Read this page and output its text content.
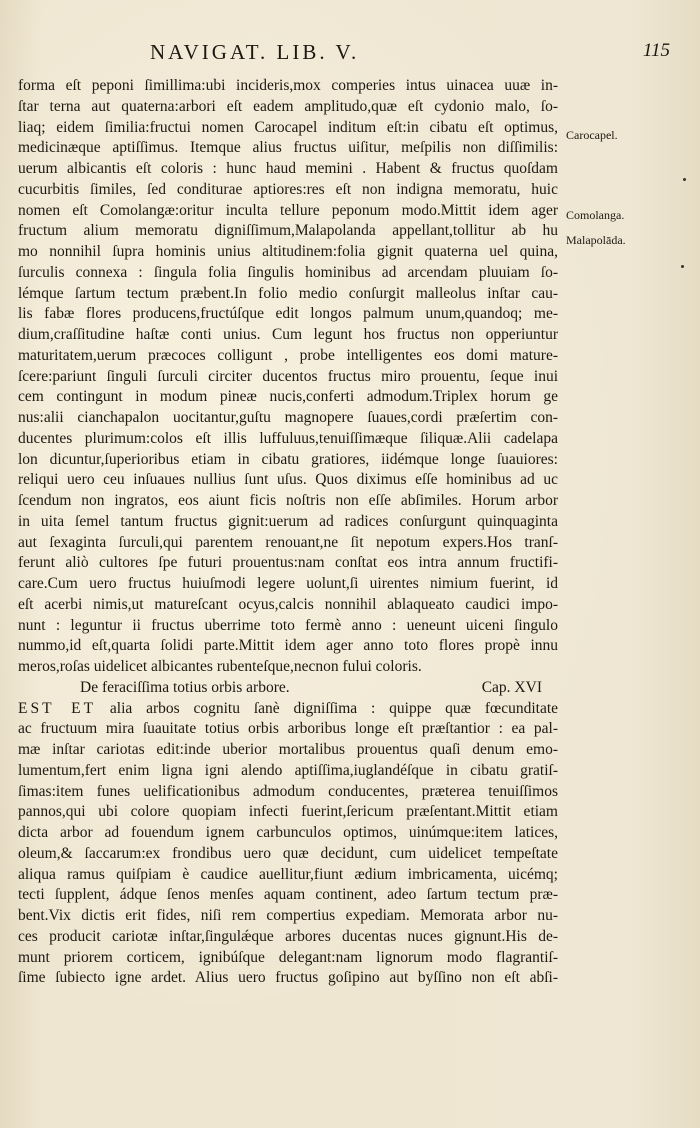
NAVIGAT. LIB. V.	115
forma eſt peponi ſimillima:ubi incideris,mox comperies intus uinacea uuæ in-
ſtar terna aut quaterna:arbori eſt eadem amplitudo,quæ eſt cydonio malo, ſo-
liaq; eidem ſimilia:fructui nomen Carocapel inditum eſt:in cibatu eſt optimus,
medicinæque aptiſſimus. Itemque alius fructus uiſitur, meſpilis non diſſimilis:
uerum albicantis eſt coloris : hunc haud memini . Habent & fructus quoſdam
cucurbitis ſimiles, ſed conditurae aptiores:res eſt non indigna memoratu, huic
nomen eſt Comolangæ:oritur inculta tellure peponum modo.Mittit idem ager
fructum alium memoratu digniſſimum,Malapolanda appellant,tollitur ab hu
mo nonnihil ſupra hominis unius altitudinem:folia gignit quaterna uel quina,
ſurculis connexa : ſingula folia ſingulis hominibus ad arcendam pluuiam ſo-
lémque ſartum tectum præbent.In folio medio conſurgit malleolus inſtar cau-
lis fabæ flores producens,fructúſque edit longos palmum unum,quandoq; me-
dium,craſſitudine haſtæ conti unius. Cum legunt hos fructus non opperiuntur
maturitatem,uerum præcoces colligunt , probe intelligentes eos domi mature-
ſcere:pariunt ſinguli ſurculi circiter ducentos fructus miro prouentu, ſeque inui
cem contingunt in modum pineæ nucis,conferti admodum.Triplex horum ge
nus:alii cianchapalon uocitantur,guſtu magnopere ſuaues,cordi præſertim con-
ducentes plurimum:colos eſt illis luffuluus,tenuiſſimæque ſiliquæ.Alii cadelapa
lon dicuntur,ſuperioribus etiam in cibatu gratiores, iidémque longe ſuauiores:
reliqui uero ceu inſuaues nullius ſunt uſus. Quos diximus eſſe hominibus ad uc
ſcendum non ingratos, eos aiunt ficis noſtris non eſſe abſimiles. Horum arbor
in uita ſemel tantum fructus gignit:uerum ad radices conſurgunt quinquaginta
aut ſexaginta ſurculi,qui parentem renouant,ne ſit nepotum expers.Hos tranſ-
ferunt aliò cultores ſpe futuri prouentus:nam conſtat eos intra annum fructifi-
care.Cum uero fructus huiuſmodi legere uolunt,ſi uirentes nimium fuerint, id
eſt acerbi nimis,ut matureſcant ocyus,calcis nonnihil ablaqueato caudici impo-
nunt : leguntur ii fructus uberrime toto fermè anno : ueneunt uiceni ſingulo
nummo,id eſt,quarta ſolidi parte.Mittit idem ager anno toto flores propè innu
meros,roſas uidelicet albicantes rubenteſque,necnon fului coloris.
De feraciſſima totius orbis arbore.	Cap. XVI
EST ET alia arbos cognitu ſanè digniſſima : quippe quæ fœcunditate
ac fructuum mira ſuauitate totius orbis arboribus longe eſt præſtantior : ea pal-
mæ inſtar cariotas edit:inde uberior mortalibus prouentus quaſi denum emo-
lumentum,fert enim ligna igni alendo aptiſſima,iuglandéſque in cibatu gratiſ-
ſimas:item funes uelificationibus admodum conducentes, præterea tenuiſſimos
pannos,qui ubi colore quopiam infecti fuerint,ſericum præſentant.Mittit etiam
dicta arbor ad fouendum ignem carbunculos optimos, uinúmque:item latices,
oleum,& ſaccarum:ex frondibus uero quæ decidunt, cum uidelicet tempeſtate
aliqua ramus quiſpiam è caudice auellitur,fiunt ædium imbricamenta, uicémq;
tecti ſupplent, ádque ſenos menſes aquam continent, adeo ſartum tectum præ-
bent.Vix dictis erit fides, niſi rem compertius expediam. Memorata arbor nu-
ces producit cariotæ inſtar,ſingulǽque arbores ducentas nuces gignunt.His de-
munt priorem corticem, ignibúſque delegant:nam lignorum modo flagrantiſ-
ſime ſubiecto igne ardet. Alius uero fructus goſipino aut byſſino non eſt abſi-
Carocapel.
Comolanga.
Malapolāda.
